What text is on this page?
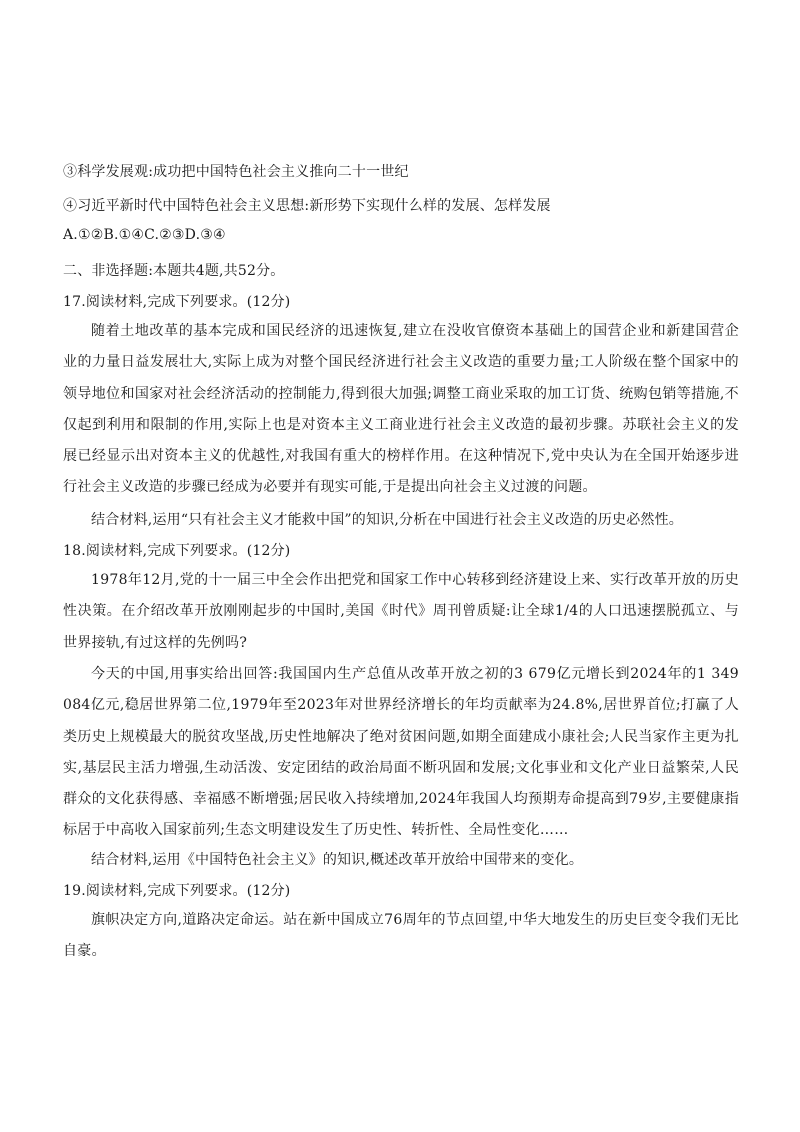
③科学发展观:成功把中国特色社会主义推向二十一世纪
④习近平新时代中国特色社会主义思想:新形势下实现什么样的发展、怎样发展
A.①②B.①④C.②③D.③④
二、非选择题:本题共4题,共52分。
17.阅读材料,完成下列要求。(12分)
随着土地改革的基本完成和国民经济的迅速恢复,建立在没收官僚资本基础上的国营企业和新建国营企业的力量日益发展壮大,实际上成为对整个国民经济进行社会主义改造的重要力量;工人阶级在整个国家中的领导地位和国家对社会经济活动的控制能力,得到很大加强;调整工商业采取的加工订货、统购包销等措施,不仅起到利用和限制的作用,实际上也是对资本主义工商业进行社会主义改造的最初步骤。苏联社会主义的发展已经显示出对资本主义的优越性,对我国有重大的榜样作用。在这种情况下,党中央认为在全国开始逐步进行社会主义改造的步骤已经成为必要并有现实可能,于是提出向社会主义过渡的问题。
结合材料,运用“只有社会主义才能救中国”的知识,分析在中国进行社会主义改造的历史必然性。
18.阅读材料,完成下列要求。(12分)
1978年12月,党的十一届三中全会作出把党和国家工作中心转移到经济建设上来、实行改革开放的历史性决策。在介绍改革开放刚刚起步的中国时,美国《时代》周刊曾质疑:让全球1/4的人口迅速摆脱孤立、与世界接轨,有过这样的先例吗?
今天的中国,用事实给出回答:我国国内生产总值从改革开放之初的3 679亿元增长到2024年的1 349 084亿元,稳居世界第二位,1979年至2023年对世界经济增长的年均贡献率为24.8%,居世界首位;打赢了人类历史上规模最大的脱贫攻坚战,历史性地解决了绝对贫困问题,如期全面建成小康社会;人民当家作主更为扎实,基层民主活力增强,生动活泼、安定团结的政治局面不断巩固和发展;文化事业和文化产业日益繁荣,人民群众的文化获得感、幸福感不断增强;居民收入持续增加,2024年我国人均预期寿命提高到79岁,主要健康指标居于中高收入国家前列;生态文明建设发生了历史性、转折性、全局性变化……
结合材料,运用《中国特色社会主义》的知识,概述改革开放给中国带来的变化。
19.阅读材料,完成下列要求。(12分)
旗帜决定方向,道路决定命运。站在新中国成立76周年的节点回望,中华大地发生的历史巨变令我们无比自豪。
